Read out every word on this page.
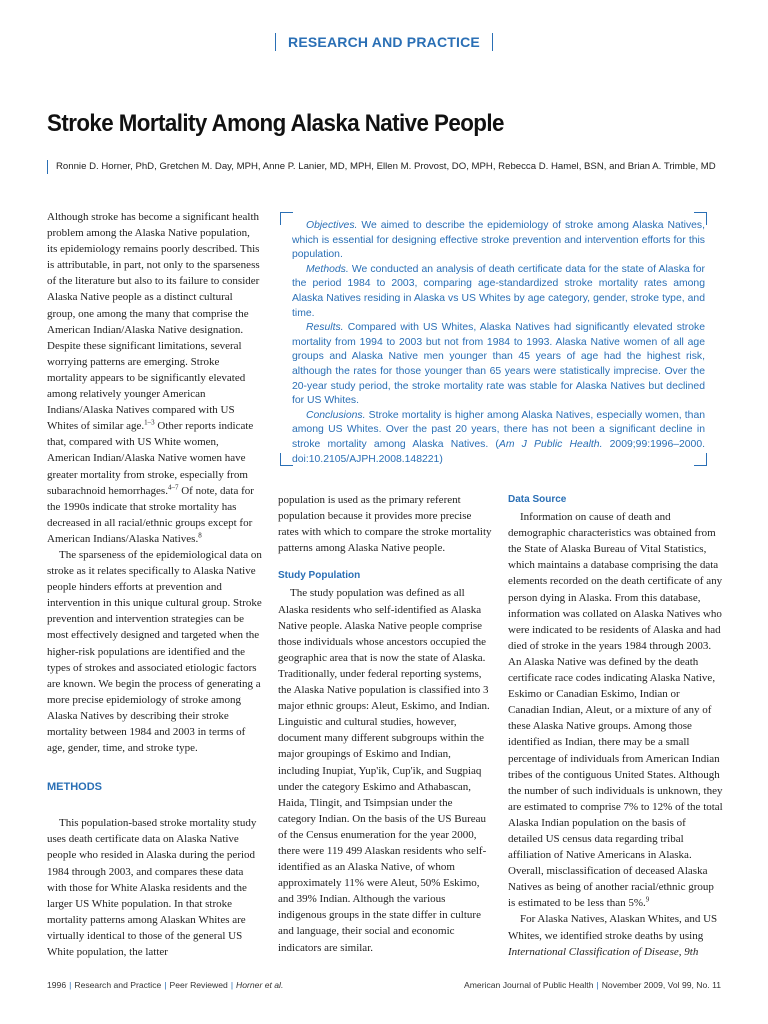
RESEARCH AND PRACTICE
Stroke Mortality Among Alaska Native People
Ronnie D. Horner, PhD, Gretchen M. Day, MPH, Anne P. Lanier, MD, MPH, Ellen M. Provost, DO, MPH, Rebecca D. Hamel, BSN, and Brian A. Trimble, MD

Although stroke has become a significant health problem among the Alaska Native population, its epidemiology remains poorly described. This is attributable, in part, not only to the sparseness of the literature but also to its failure to consider Alaska Native people as a distinct cultural group, one among the many that comprise the American Indian/Alaska Native designation. Despite these significant limitations, several worrying patterns are emerging. Stroke mortality appears to be significantly elevated among relatively younger American Indians/Alaska Natives compared with US Whites of similar age.$^{1-3}$ Other reports indicate that, compared with US White women, American Indian/Alaska Native women have greater mortality from stroke, especially from subarachnoid hemorrhages.$^{4-7}$ Of note, data for the 1990s indicate that stroke mortality has decreased in all racial/ethnic groups except for American Indians/Alaska Natives.$^8$

The sparseness of the epidemiological data on stroke as it relates specifically to Alaska Native people hinders efforts at prevention and intervention in this unique cultural group. Stroke prevention and intervention strategies can be most effectively designed and targeted when the higher-risk populations are identified and the types of strokes and associated etiologic factors are known. We begin the process of generating a more precise epidemiology of stroke among Alaska Natives by describing their stroke mortality between 1984 and 2003 in terms of age, gender, time, and stroke type.

METHODS

This population-based stroke mortality study uses death certificate data on Alaska Native people who resided in Alaska during the period 1984 through 2003, and compares these data with those for White Alaska residents and the larger US White population. In that stroke mortality patterns among Alaskan Whites are virtually identical to those of the general US White population, the latter

Objectives. We aimed to describe the epidemiology of stroke among Alaska Natives, which is essential for designing effective stroke prevention and intervention efforts for this population.

Methods. We conducted an analysis of death certificate data for the state of Alaska for the period 1984 to 2003, comparing age-standardized stroke mortality rates among Alaska Natives residing in Alaska vs US Whites by age category, gender, stroke type, and time.

Results. Compared with US Whites, Alaska Natives had significantly elevated stroke mortality from 1994 to 2003 but not from 1984 to 1993. Alaska Native women of all age groups and Alaska Native men younger than 45 years of age had the highest risk, although the rates for those younger than 65 years were statistically imprecise. Over the 20-year study period, the stroke mortality rate was stable for Alaska Natives but declined for US Whites.

Conclusions. Stroke mortality is higher among Alaska Natives, especially women, than among US Whites. Over the past 20 years, there has not been a significant decline in stroke mortality among Alaska Natives. (Am J Public Health. 2009;99:1996–2000. doi:10.2105/AJPH.2008.148221)

population is used as the primary referent population because it provides more precise rates with which to compare the stroke mortality patterns among Alaska Native people.

Study Population

The study population was defined as all Alaska residents who self-identified as Alaska Native people. Alaska Native people comprise those individuals whose ancestors occupied the geographic area that is now the state of Alaska. Traditionally, under federal reporting systems, the Alaska Native population is classified into 3 major ethnic groups: Aleut, Eskimo, and Indian. Linguistic and cultural studies, however, document many different subgroups within the major groupings of Eskimo and Indian, including Inupiat, Yup'ik, Cup'ik, and Sugpiaq under the category Eskimo and Athabascan, Haida, Tlingit, and Tsimpsian under the category Indian. On the basis of the US Bureau of the Census enumeration for the year 2000, there were 119 499 Alaskan residents who self-identified as an Alaska Native, of whom approximately 11% were Aleut, 50% Eskimo, and 39% Indian. Although the various indigenous groups in the state differ in culture and language, their social and economic indicators are similar.

Data Source

Information on cause of death and demographic characteristics was obtained from the State of Alaska Bureau of Vital Statistics, which maintains a database comprising the data elements recorded on the death certificate of any person dying in Alaska. From this database, information was collated on Alaska Natives who were indicated to be residents of Alaska and had died of stroke in the years 1984 through 2003. An Alaska Native was defined by the death certificate race codes indicating Alaska Native, Eskimo or Canadian Eskimo, Indian or Canadian Indian, Aleut, or a mixture of any of these Alaska Native groups. Among those identified as Indian, there may be a small percentage of individuals from American Indian tribes of the contiguous United States. Although the number of such individuals is unknown, they are estimated to comprise 7% to 12% of the total Alaska Indian population on the basis of detailed US census data regarding tribal affiliation of Native Americans in Alaska. Overall, misclassification of deceased Alaska Natives as being of another racial/ethnic group is estimated to be less than 5%.$^9$

For Alaska Natives, Alaskan Whites, and US Whites, we identified stroke deaths by using International Classification of Disease, 9th

1996 | Research and Practice | Peer Reviewed | Horner et al.	American Journal of Public Health | November 2009, Vol 99, No. 11
